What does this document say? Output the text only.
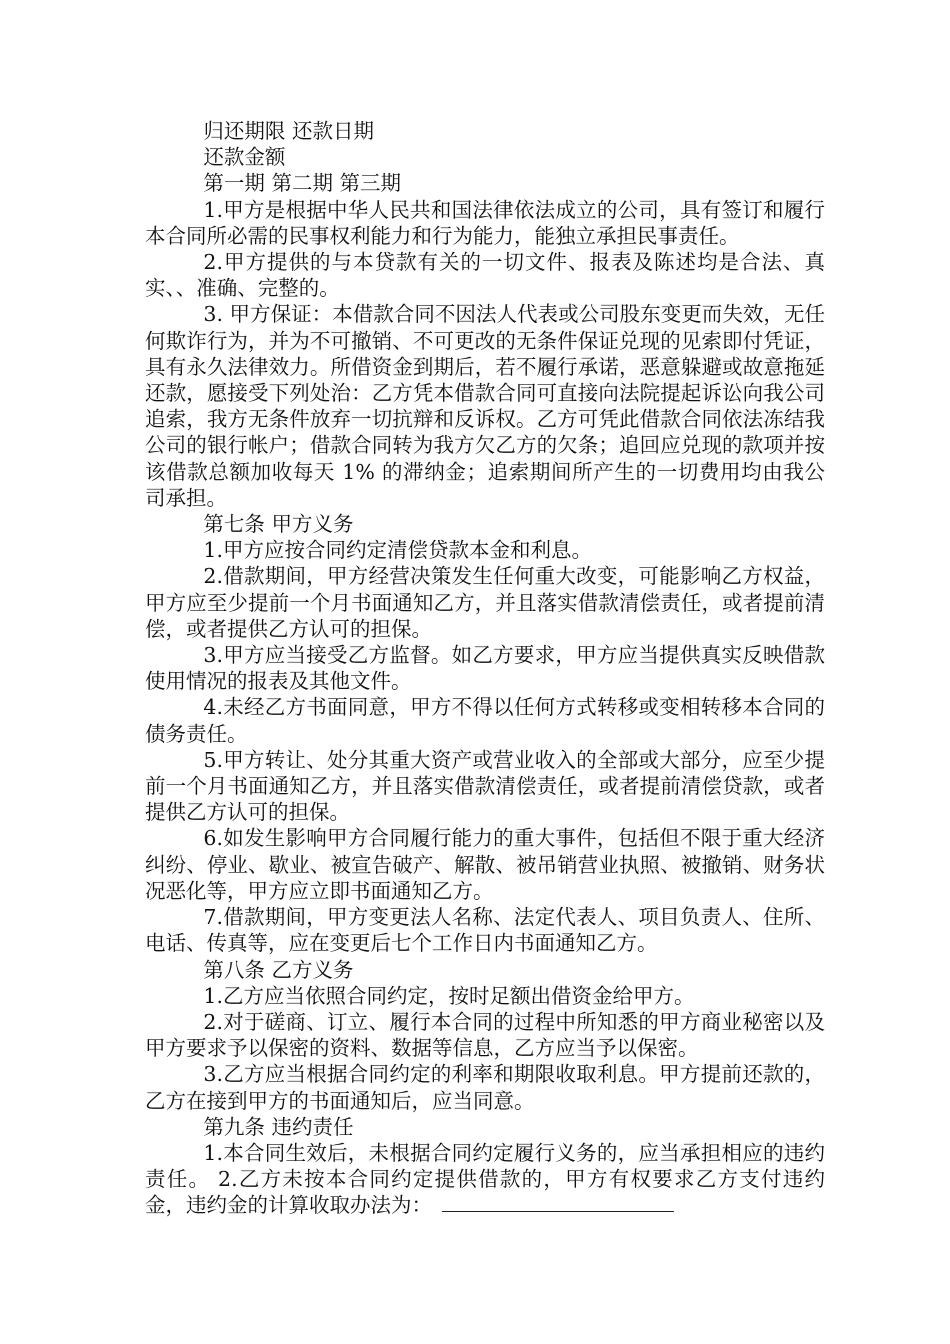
归还期限 还款日期

还款金额

第一期 第二期 第三期

1.甲方是根据中华人民共和国法律依法成立的公司，具有签订和履行本合同所必需的民事权利能力和行为能力，能独立承担民事责任。

2.甲方提供的与本贷款有关的一切文件、报表及陈述均是合法、真实、、准确、完整的。

3. 甲方保证：本借款合同不因法人代表或公司股东变更而失效，无任何欺诈行为，并为不可撤销、不可更改的无条件保证兑现的见索即付凭证，具有永久法律效力。所借资金到期后，若不履行承诺，恶意躲避或故意拖延还款，愿接受下列处治：乙方凭本借款合同可直接向法院提起诉讼向我公司追索，我方无条件放弃一切抗辩和反诉权。乙方可凭此借款合同依法冻结我公司的银行帐户；借款合同转为我方欠乙方的欠条；追回应兑现的款项并按该借款总额加收每天 1% 的滞纳金；追索期间所产生的一切费用均由我公司承担。

第七条 甲方义务

1.甲方应按合同约定清偿贷款本金和利息。

2.借款期间，甲方经营决策发生任何重大改变，可能影响乙方权益，甲方应至少提前一个月书面通知乙方，并且落实借款清偿责任，或者提前清偿，或者提供乙方认可的担保。

3.甲方应当接受乙方监督。如乙方要求，甲方应当提供真实反映借款使用情况的报表及其他文件。

4.未经乙方书面同意，甲方不得以任何方式转移或变相转移本合同的债务责任。

5.甲方转让、处分其重大资产或营业收入的全部或大部分，应至少提前一个月书面通知乙方，并且落实借款清偿责任，或者提前清偿贷款，或者提供乙方认可的担保。

6.如发生影响甲方合同履行能力的重大事件，包括但不限于重大经济纠纷、停业、歇业、被宣告破产、解散、被吊销营业执照、被撤销、财务状况恶化等，甲方应立即书面通知乙方。

7.借款期间，甲方变更法人名称、法定代表人、项目负责人、住所、电话、传真等，应在变更后七个工作日内书面通知乙方。

第八条 乙方义务

1.乙方应当依照合同约定，按时足额出借资金给甲方。

2.对于磋商、订立、履行本合同的过程中所知悉的甲方商业秘密以及甲方要求予以保密的资料、数据等信息，乙方应当予以保密。

3.乙方应当根据合同约定的利率和期限收取利息。甲方提前还款的，乙方在接到甲方的书面通知后，应当同意。

第九条 违约责任

1.本合同生效后，未根据合同约定履行义务的，应当承担相应的违约责任。 2.乙方未按本合同约定提供借款的，甲方有权要求乙方支付违约金，违约金的计算收取办法为：
